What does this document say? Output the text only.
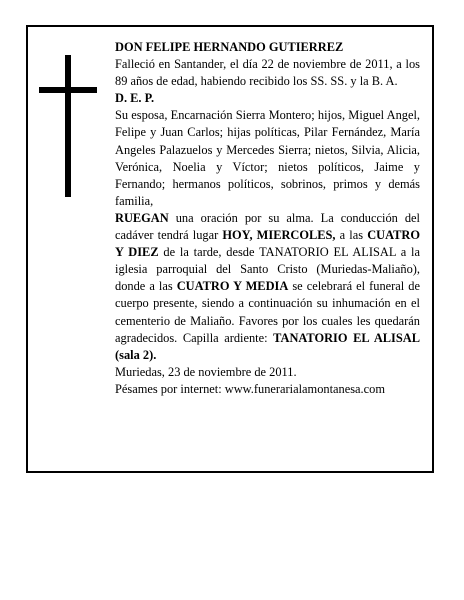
DON FELIPE HERNANDO GUTIERREZ

Falleció en Santander, el día 22 de noviembre de 2011, a los 89 años de edad, habiendo recibido los SS. SS. y la B. A.

D. E. P.

Su esposa, Encarnación Sierra Montero; hijos, Miguel Angel, Felipe y Juan Carlos; hijas políticas, Pilar Fernández, María Angeles Palazuelos y Mercedes Sierra; nietos, Silvia, Alicia, Verónica, Noelia y Víctor; nietos políticos, Jaime y Fernando; hermanos políticos, sobrinos, primos y demás familia,

RUEGAN una oración por su alma. La conducción del cadáver tendrá lugar HOY, MIERCOLES, a las CUATRO Y DIEZ de la tarde, desde TANATORIO EL ALISAL a la iglesia parroquial del Santo Cristo (Muriedas-Maliaño), donde a las CUATRO Y MEDIA se celebrará el funeral de cuerpo presente, siendo a continuación su inhumación en el cementerio de Maliaño. Favores por los cuales les quedarán agradecidos. Capilla ardiente: TANATORIO EL ALISAL (sala 2).

Muriedas, 23 de noviembre de 2011.

Pésames por internet: www.funerarialamontanesa.com
